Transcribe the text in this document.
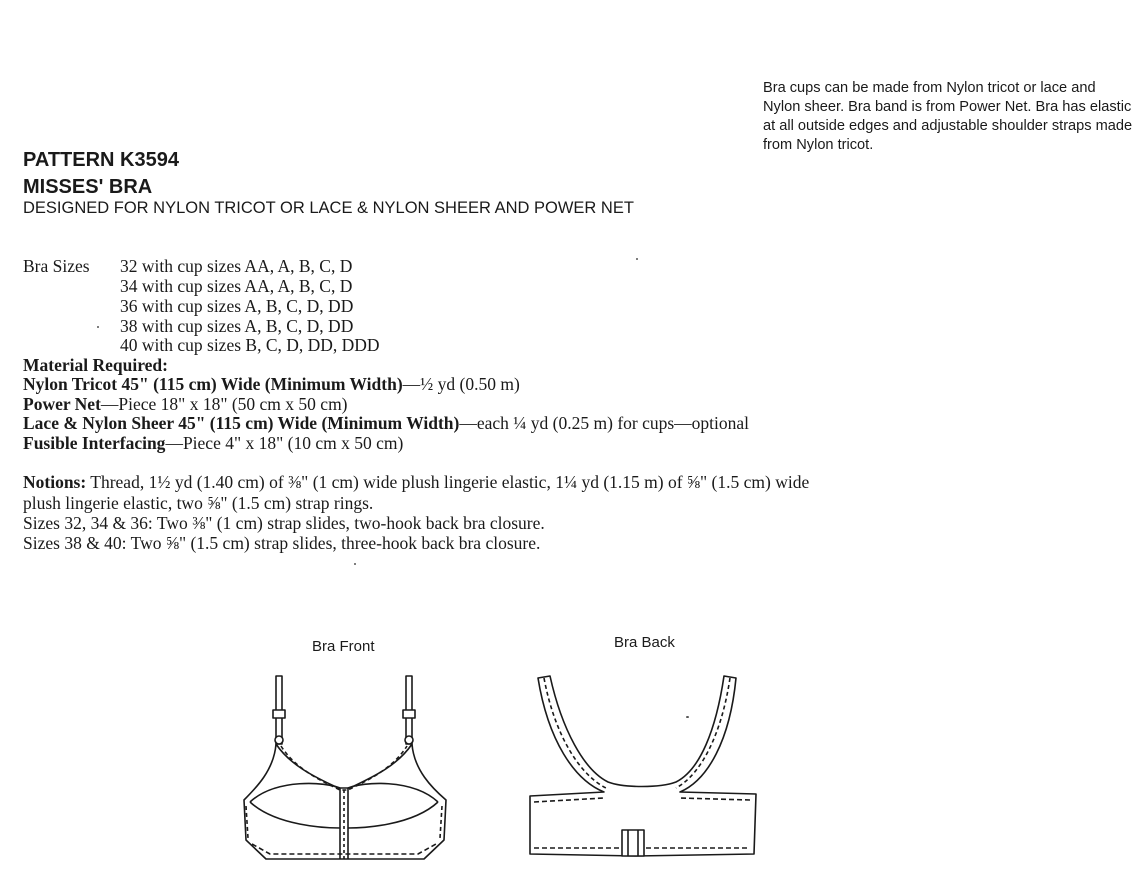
Bra cups can be made from Nylon tricot or lace and Nylon sheer. Bra band is from Power Net. Bra has elastic at all outside edges and adjustable shoulder straps made from Nylon tricot.
PATTERN K3594
MISSES' BRA
DESIGNED FOR NYLON TRICOT OR LACE & NYLON SHEER AND POWER NET
Bra Sizes 32 with cup sizes AA, A, B, C, D
34 with cup sizes AA, A, B, C, D
36 with cup sizes A, B, C, D, DD
38 with cup sizes A, B, C, D, DD
40 with cup sizes B, C, D, DD, DDD
Material Required:
Nylon Tricot 45" (115 cm) Wide (Minimum Width)—½ yd (0.50 m)
Power Net—Piece 18" x 18" (50 cm x 50 cm)
Lace & Nylon Sheer 45" (115 cm) Wide (Minimum Width)—each ¼ yd (0.25 m) for cups—optional
Fusible Interfacing—Piece 4" x 18" (10 cm x 50 cm)
Notions: Thread, 1½ yd (1.40 cm) of ⅜" (1 cm) wide plush lingerie elastic, 1¼ yd (1.15 m) of ⅝" (1.5 cm) wide
plush lingerie elastic, two ⅝" (1.5 cm) strap rings.
Sizes 32, 34 & 36: Two ⅜" (1 cm) strap slides, two-hook back bra closure.
Sizes 38 & 40: Two ⅝" (1.5 cm) strap slides, three-hook back bra closure.
Bra Front	Bra Back
